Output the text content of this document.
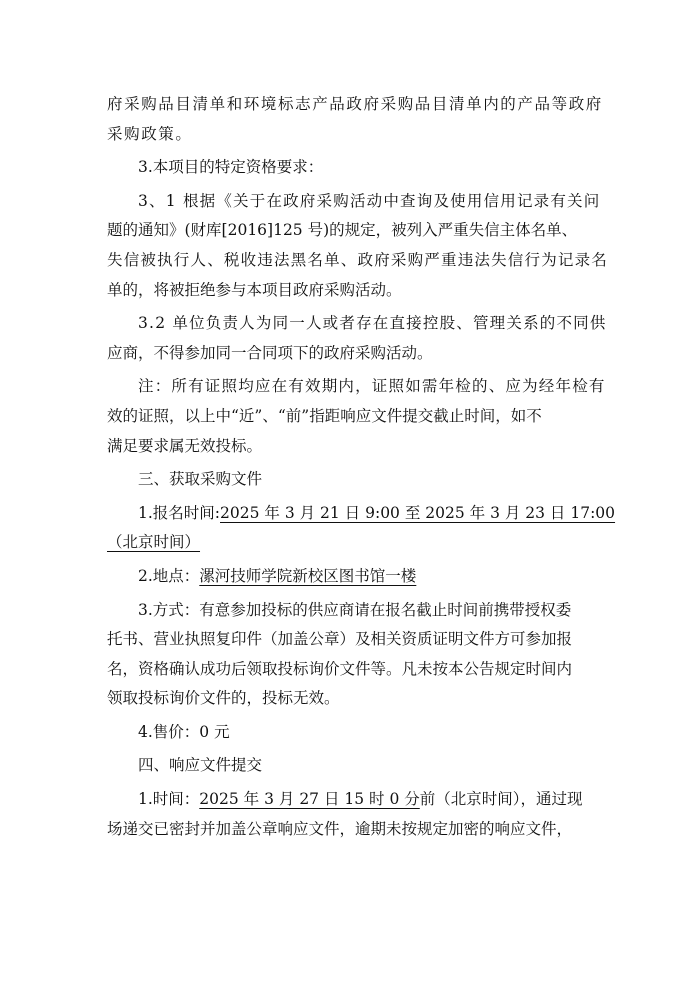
府采购品目清单和环境标志产品政府采购品目清单内的产品等政府
采购政策。
3.本项目的特定资格要求：
3、1 根据《关于在政府采购活动中查询及使用信用记录有关问
题的通知》(财库[2016]125 号)的规定，被列入严重失信主体名单、
失信被执行人、税收违法黑名单、政府采购严重违法失信行为记录名
单的，将被拒绝参与本项目政府采购活动。
3.2 单位负责人为同一人或者存在直接控股、管理关系的不同供
应商，不得参加同一合同项下的政府采购活动。
注：所有证照均应在有效期内，证照如需年检的、应为经年检有
效的证照，以上中“近”、“前”指距响应文件提交截止时间，如不
满足要求属无效投标。
三、获取采购文件
1.报名时间:2025 年 3 月 21 日 9:00 至 2025 年 3 月 23 日 17:00
（北京时间）
2.地点：漯河技师学院新校区图书馆一楼
3.方式：有意参加投标的供应商请在报名截止时间前携带授权委
托书、营业执照复印件（加盖公章）及相关资质证明文件方可参加报
名，资格确认成功后领取投标询价文件等。凡未按本公告规定时间内
领取投标询价文件的，投标无效。
4.售价：0 元
四、响应文件提交
1.时间：2025 年 3 月 27 日 15 时 0 分前（北京时间），通过现
场递交已密封并加盖公章响应文件，逾期未按规定加密的响应文件，
